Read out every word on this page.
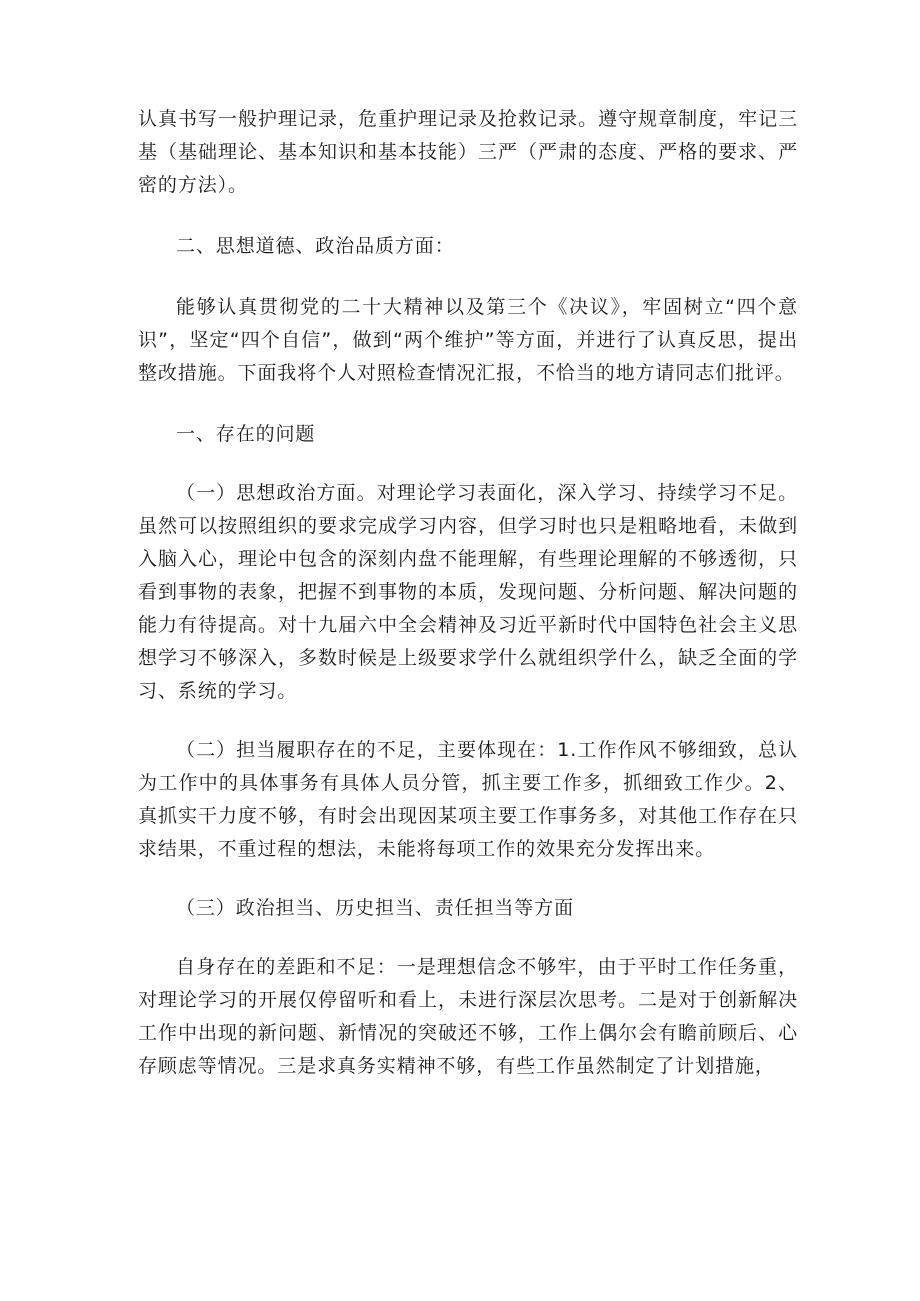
认真书写一般护理记录，危重护理记录及抢救记录。遵守规章制度，牢记三基（基础理论、基本知识和基本技能）三严（严肃的态度、严格的要求、严密的方法）。

二、思想道德、政治品质方面：

能够认真贯彻党的二十大精神以及第三个《决议》，牢固树立“四个意识”，坚定“四个自信”，做到“两个维护”等方面，并进行了认真反思，提出整改措施。下面我将个人对照检查情况汇报，不恰当的地方请同志们批评。

一、存在的问题

（一）思想政治方面。对理论学习表面化，深入学习、持续学习不足。虽然可以按照组织的要求完成学习内容，但学习时也只是粗略地看，未做到入脑入心，理论中包含的深刻内盘不能理解，有些理论理解的不够透彻，只看到事物的表象，把握不到事物的本质，发现问题、分析问题、解决问题的能力有待提高。对十九届六中全会精神及习近平新时代中国特色社会主义思想学习不够深入，多数时候是上级要求学什么就组织学什么，缺乏全面的学习、系统的学习。

（二）担当履职存在的不足，主要体现在：1.工作作风不够细致，总认为工作中的具体事务有具体人员分管，抓主要工作多，抓细致工作少。2、真抓实干力度不够，有时会出现因某项主要工作事务多，对其他工作存在只求结果，不重过程的想法，未能将每项工作的效果充分发挥出来。

（三）政治担当、历史担当、责任担当等方面

自身存在的差距和不足：一是理想信念不够牢，由于平时工作任务重，对理论学习的开展仅停留听和看上，未进行深层次思考。二是对于创新解决工作中出现的新问题、新情况的突破还不够，工作上偶尔会有瞻前顾后、心存顾虑等情况。三是求真务实精神不够，有些工作虽然制定了计划措施，
